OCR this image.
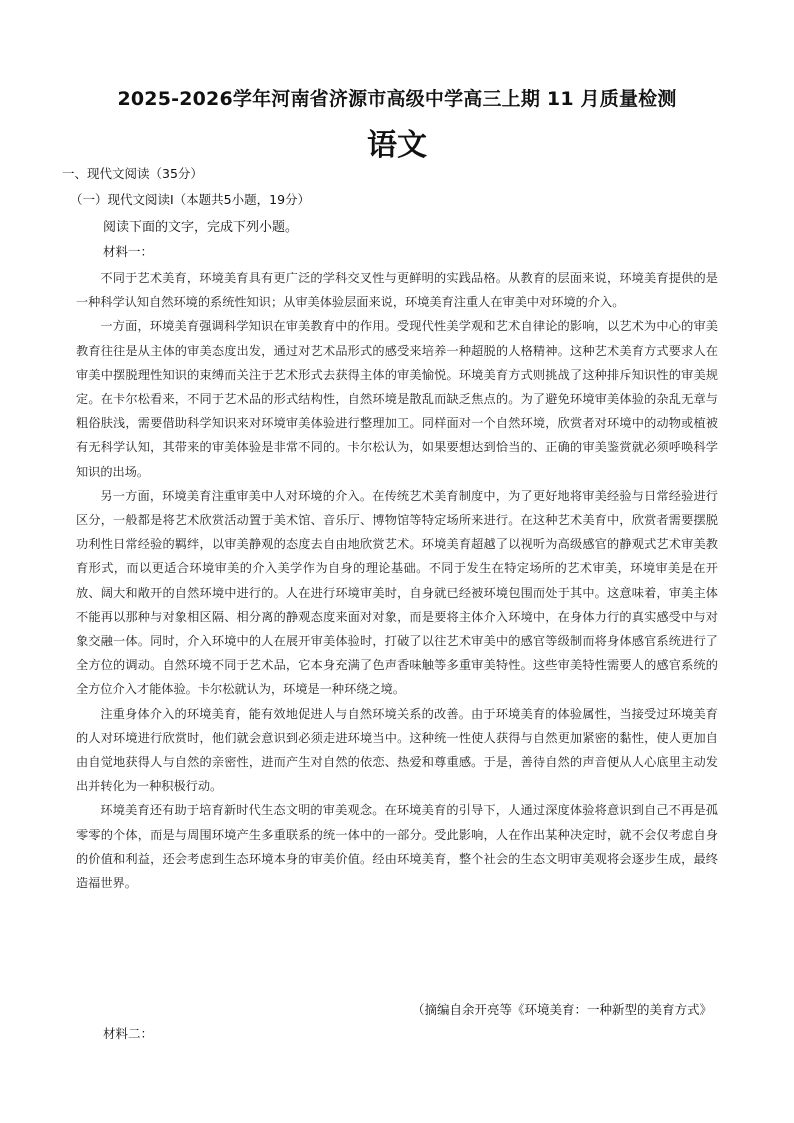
2025-2026学年河南省济源市高级中学高三上期 11 月质量检测
语文
一、现代文阅读（35分）
（一）现代文阅读Ⅰ（本题共5小题，19分）
阅读下面的文字，完成下列小题。
材料一：

不同于艺术美育，环境美育具有更广泛的学科交叉性与更鲜明的实践品格。从教育的层面来说，环境美育提供的是一种科学认知自然环境的系统性知识；从审美体验层面来说，环境美育注重人在审美中对环境的介入。

一方面，环境美育强调科学知识在审美教育中的作用。受现代性美学观和艺术自律论的影响，以艺术为中心的审美教育往往是从主体的审美态度出发，通过对艺术品形式的感受来培养一种超脱的人格精神。这种艺术美育方式要求人在审美中摆脱理性知识的束缚而关注于艺术形式去获得主体的审美愉悦。环境美育方式则挑战了这种排斥知识性的审美规定。在卡尔松看来，不同于艺术品的形式结构性，自然环境是散乱而缺乏焦点的。为了避免环境审美体验的杂乱无章与粗俗肤浅，需要借助科学知识来对环境审美体验进行整理加工。同样面对一个自然环境，欣赏者对环境中的动物或植被有无科学认知，其带来的审美体验是非常不同的。卡尔松认为，如果要想达到恰当的、正确的审美鉴赏就必须呼唤科学知识的出场。

另一方面，环境美育注重审美中人对环境的介入。在传统艺术美育制度中，为了更好地将审美经验与日常经验进行区分，一般都是将艺术欣赏活动置于美术馆、音乐厅、博物馆等特定场所来进行。在这种艺术美育中，欣赏者需要摆脱功利性日常经验的羁绊，以审美静观的态度去自由地欣赏艺术。环境美育超越了以视听为高级感官的静观式艺术审美教育形式，而以更适合环境审美的介入美学作为自身的理论基础。不同于发生在特定场所的艺术审美，环境审美是在开放、阔大和敞开的自然环境中进行的。人在进行环境审美时，自身就已经被环境包围而处于其中。这意味着，审美主体不能再以那种与对象相区隔、相分离的静观态度来面对对象，而是要将主体介入环境中，在身体力行的真实感受中与对象交融一体。同时，介入环境中的人在展开审美体验时，打破了以往艺术审美中的感官等级制而将身体感官系统进行了全方位的调动。自然环境不同于艺术品，它本身充满了色声香味触等多重审美特性。这些审美特性需要人的感官系统的全方位介入才能体验。卡尔松就认为，环境是一种环绕之境。

注重身体介入的环境美育，能有效地促进人与自然环境关系的改善。由于环境美育的体验属性，当接受过环境美育的人对环境进行欣赏时，他们就会意识到必须走进环境当中。这种统一性使人获得与自然更加紧密的黏性，使人更加自由自觉地获得人与自然的亲密性，进而产生对自然的依恋、热爱和尊重感。于是，善待自然的声音便从人心底里主动发出并转化为一种积极行动。

环境美育还有助于培育新时代生态文明的审美观念。在环境美育的引导下，人通过深度体验将意识到自己不再是孤零零的个体，而是与周围环境产生多重联系的统一体中的一部分。受此影响，人在作出某种决定时，就不会仅考虑自身的价值和利益，还会考虑到生态环境本身的审美价值。经由环境美育，整个社会的生态文明审美观将会逐步生成，最终造福世界。

（摘编自余开亮等《环境美育：一种新型的美育方式》
材料二：
